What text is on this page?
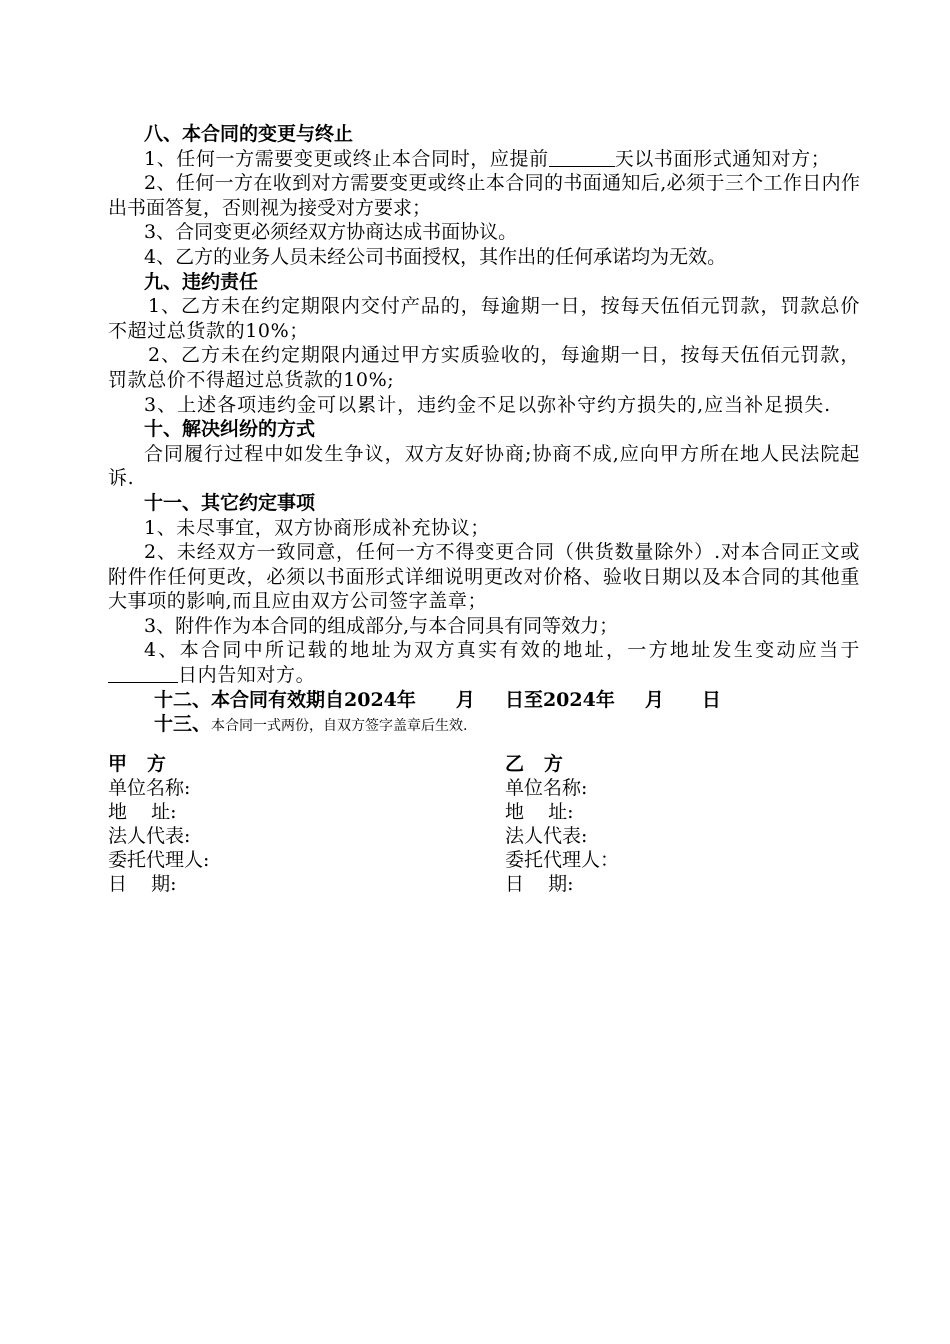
八、本合同的变更与终止
1、任何一方需要变更或终止本合同时，应提前	天以书面形式通知对方；
2、任何一方在收到对方需要变更或终止本合同的书面通知后,必须于三个工作日内作出书面答复，否则视为接受对方要求；
3、合同变更必须经双方协商达成书面协议。
4、乙方的业务人员未经公司书面授权，其作出的任何承诺均为无效。
九、违约责任
1、乙方未在约定期限内交付产品的，每逾期一日，按每天伍佰元罚款，罚款总价不超过总货款的10%；
2、乙方未在约定期限内通过甲方实质验收的，每逾期一日，按每天伍佰元罚款，罚款总价不得超过总货款的10%;
3、上述各项违约金可以累计，违约金不足以弥补守约方损失的,应当补足损失.
十、解决纠纷的方式
合同履行过程中如发生争议，双方友好协商;协商不成,应向甲方所在地人民法院起诉.
十一、其它约定事项
1、未尽事宜，双方协商形成补充协议；
2、未经双方一致同意，任何一方不得变更合同（供货数量除外）.对本合同正文或附件作任何更改，必须以书面形式详细说明更改对价格、验收日期以及本合同的其他重大事项的影响,而且应由双方公司签字盖章；
3、附件作为本合同的组成部分,与本合同具有同等效力；
4、本合同中所记载的地址为双方真实有效的地址，一方地址发生变动应当于日内告知对方。
十二、本合同有效期自2024年 月 日至2024年 月 日
十三、本合同一式两份，自双方签字盖章后生效.
甲   方
单位名称:
地    址:
法人代表:
委托代理人:
日    期:
乙   方
单位名称:
地    址:
法人代表:
委托代理人：
日    期:
